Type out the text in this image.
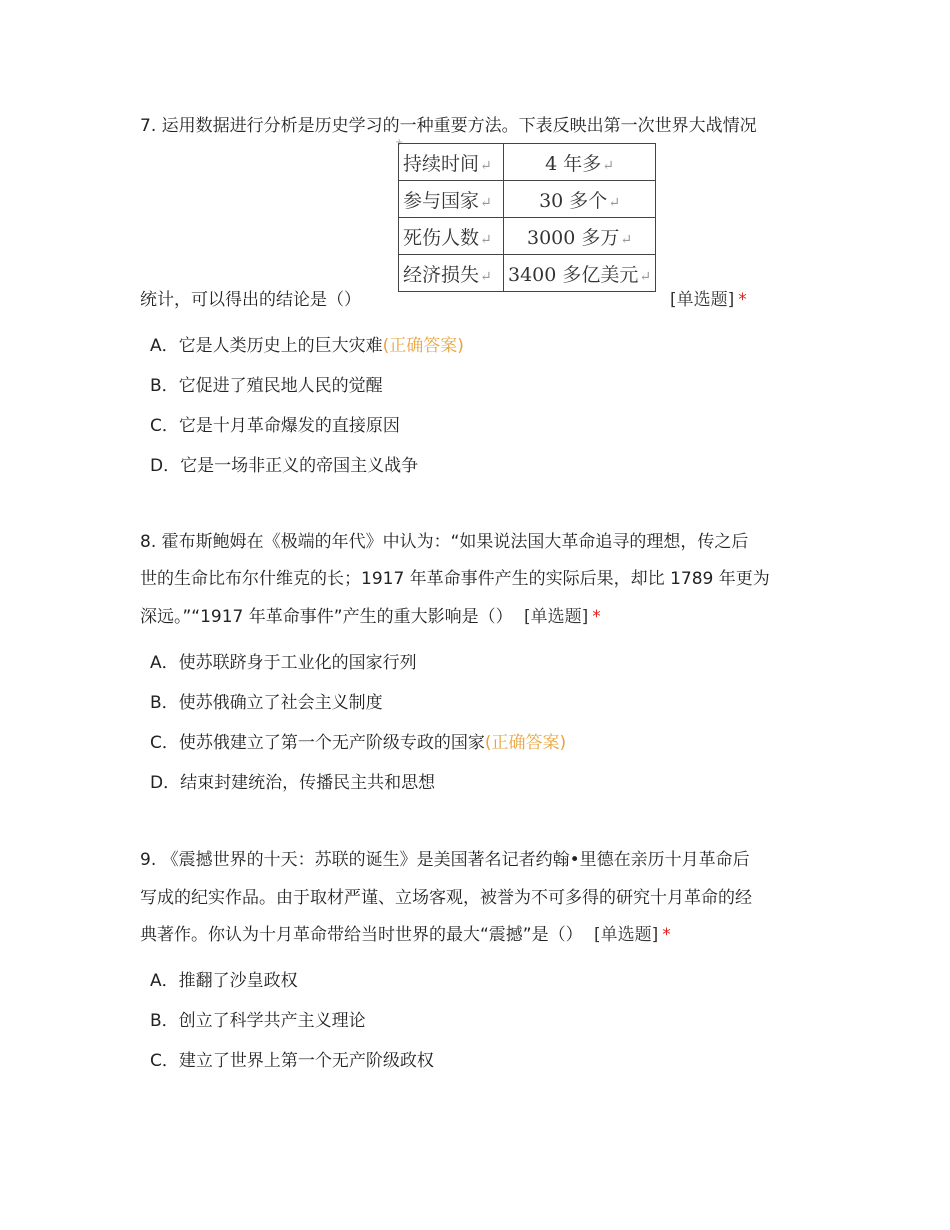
7. 运用数据进行分析是历史学习的一种重要方法。下表反映出第一次世界大战情况
+
持续时间↵	4 年多↵
参与国家↵	30 多个↵
死伤人数↵	3000 多万↵
经济损失↵	3400 多亿美元↵
统计，可以得出的结论是（）	[单选题] *
A．它是人类历史上的巨大灾难(正确答案)
B．它促进了殖民地人民的觉醒
C．它是十月革命爆发的直接原因
D．它是一场非正义的帝国主义战争
8. 霍布斯鲍姆在《极端的年代》中认为：“如果说法国大革命追寻的理想，传之后
世的生命比布尔什维克的长；1917 年革命事件产生的实际后果，却比 1789 年更为
深远。”“1917 年革命事件”产生的重大影响是（） [单选题] *
A．使苏联跻身于工业化的国家行列
B．使苏俄确立了社会主义制度
C．使苏俄建立了第一个无产阶级专政的国家(正确答案)
D．结束封建统治，传播民主共和思想
9. 《震撼世界的十天：苏联的诞生》是美国著名记者约翰•里德在亲历十月革命后
写成的纪实作品。由于取材严谨、立场客观，被誉为不可多得的研究十月革命的经
典著作。你认为十月革命带给当时世界的最大“震撼”是（） [单选题] *
A．推翻了沙皇政权
B．创立了科学共产主义理论
C．建立了世界上第一个无产阶级政权
